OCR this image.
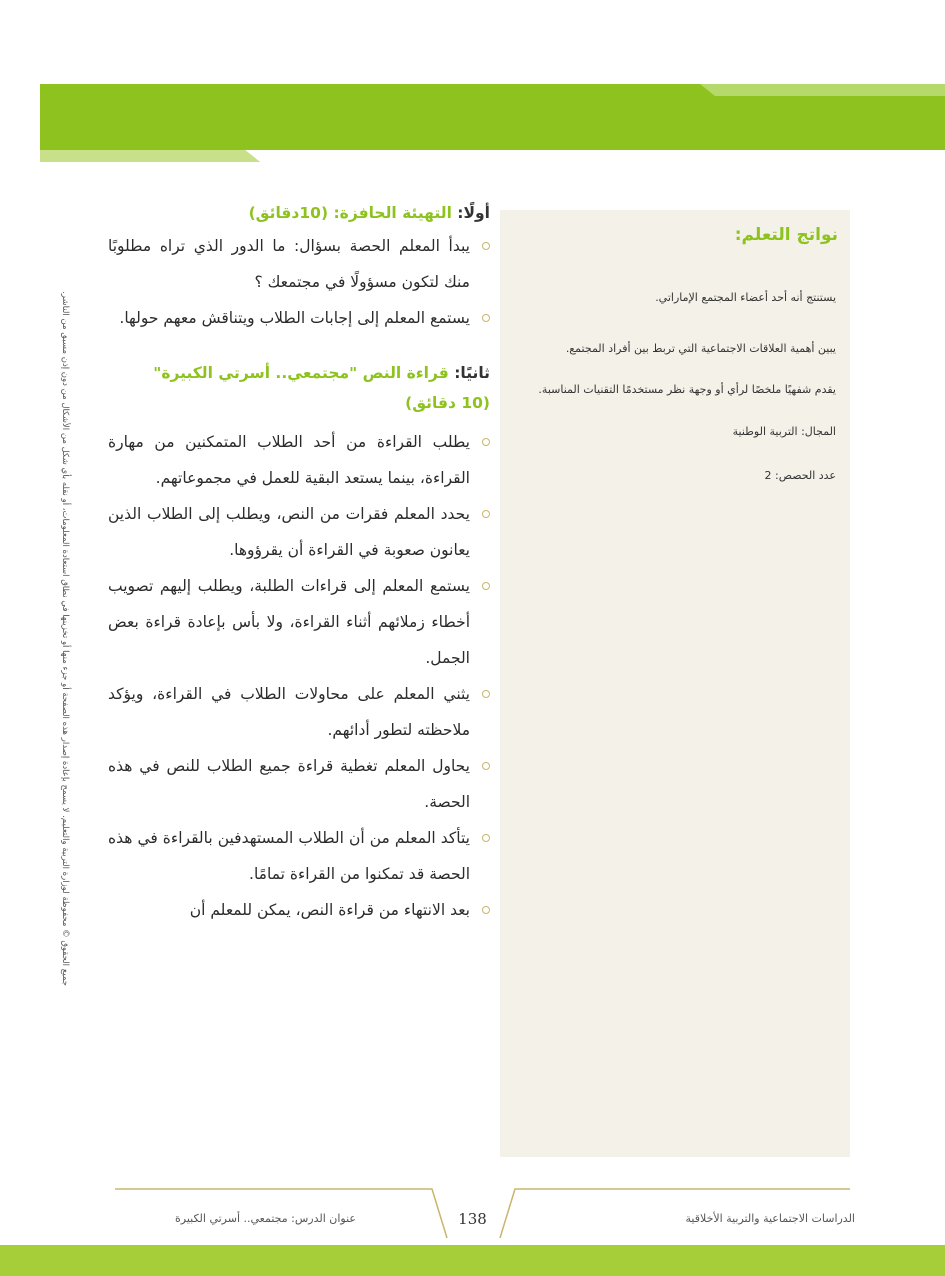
جميع الحقوق © محفوظة لوزارة التربية والتعليم. لا يسمح بإعادة إصدار هذه الصفحة أو جزء منها أو تخزينها في نطاق استعادة المعلومات، أو نقله بأي شكل من الأشكال من دون إذن مسبق من الناشر.
نواتج التعلم:
يستنتج أنه أحد أعضاء المجتمع الإماراتي.
يبين أهمية العلاقات الاجتماعية التي تربط بين أفراد المجتمع.
يقدم شفهيًا ملخصًا لرأي أو وجهة نظر مستخدمًا التقنيات المناسبة.
المجال: التربية الوطنية
عدد الحصص: 2

أولًا: التهيئة الحافزة: (10دقائق)

يبدأ المعلم الحصة بسؤال: ما الدور الذي تراه مطلوبًا منك لتكون مسؤولًا في مجتمعك ؟
يستمع المعلم إلى إجابات الطلاب ويتناقش معهم حولها.

ثانيًا: قراءة النص "مجتمعي.. أسرتي الكبيرة"

(10 دقائق)
يطلب القراءة من أحد الطلاب المتمكنين من مهارة القراءة، بينما يستعد البقية للعمل في مجموعاتهم.
يحدد المعلم فقرات من النص، ويطلب إلى الطلاب الذين يعانون صعوبة في القراءة أن يقرؤوها.
يستمع المعلم إلى قراءات الطلبة، ويطلب إليهم تصويب أخطاء زملائهم أثناء القراءة، ولا بأس بإعادة قراءة بعض الجمل.
يثني المعلم على محاولات الطلاب في القراءة، ويؤكد ملاحظته لتطور أدائهم.
يحاول المعلم تغطية قراءة جميع الطلاب للنص في هذه الحصة.
يتأكد المعلم من أن الطلاب المستهدفين بالقراءة في هذه الحصة قد تمكنوا من القراءة تمامًا.
بعد الانتهاء من قراءة النص، يمكن للمعلم أن
عنوان الدرس: مجتمعي.. أسرتي الكبيرة	138	الدراسات الاجتماعية والتربية الأخلاقية
